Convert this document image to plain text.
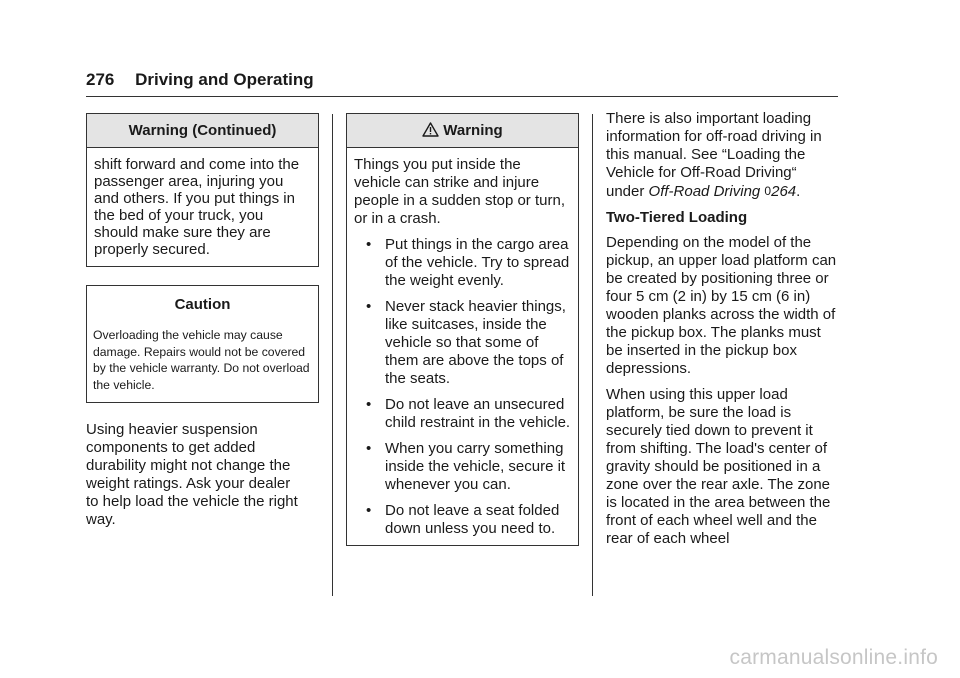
276 Driving and Operating
Warning (Continued)
shift forward and come into the passenger area, injuring you and others. If you put things in the bed of your truck, you should make sure they are properly secured.
Caution
Overloading the vehicle may cause damage. Repairs would not be covered by the vehicle warranty. Do not overload the vehicle.

Using heavier suspension components to get added durability might not change the weight ratings. Ask your dealer to help load the vehicle the right way.

Warning

Things you put inside the vehicle can strike and injure people in a sudden stop or turn, or in a crash.

• Put things in the cargo area of the vehicle. Try to spread the weight evenly.
• Never stack heavier things, like suitcases, inside the vehicle so that some of them are above the tops of the seats.
• Do not leave an unsecured child restraint in the vehicle.
• When you carry something inside the vehicle, secure it whenever you can.
• Do not leave a seat folded down unless you need to.

There is also important loading information for off-road driving in this manual. See “Loading the Vehicle for Off-Road Driving“ under Off-Road Driving 0264.

Two-Tiered Loading

Depending on the model of the pickup, an upper load platform can be created by positioning three or four 5 cm (2 in) by 15 cm (6 in) wooden planks across the width of the pickup box. The planks must be inserted in the pickup box depressions.

When using this upper load platform, be sure the load is securely tied down to prevent it from shifting. The load's center of gravity should be positioned in a zone over the rear axle. The zone is located in the area between the front of each wheel well and the rear of each wheel

carmanualsonline.info
